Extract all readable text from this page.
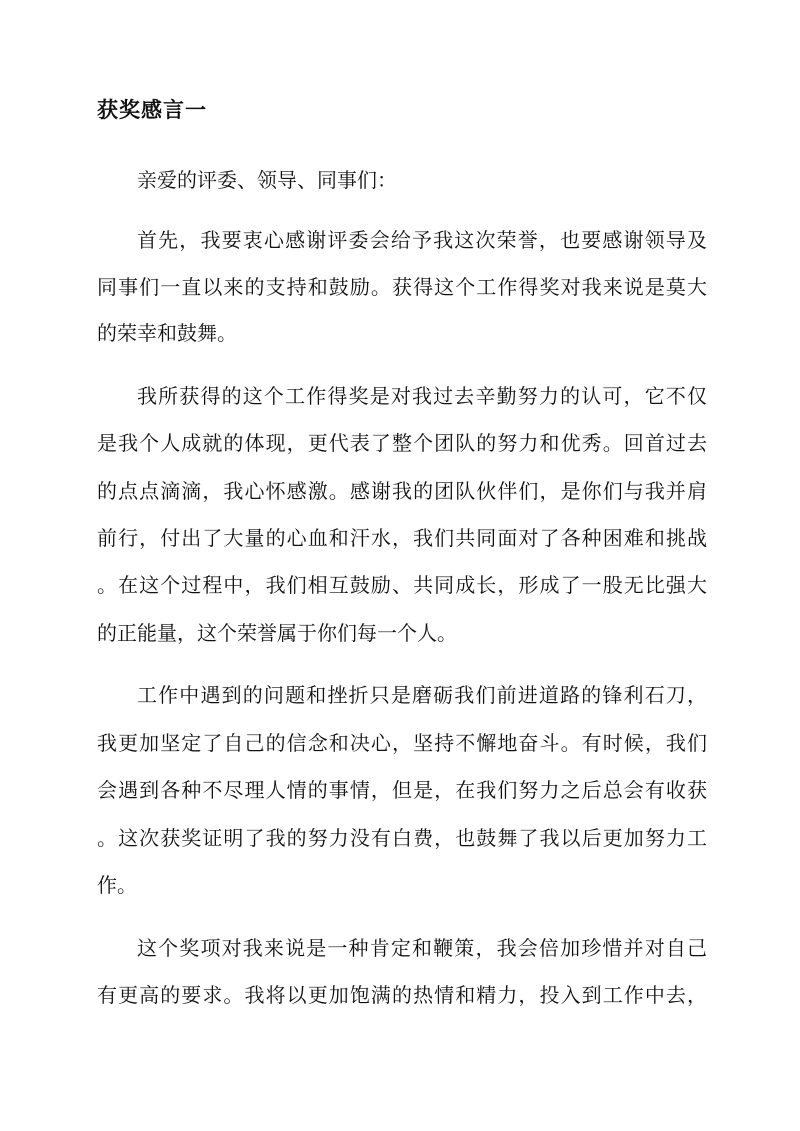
获奖感言一
亲爱的评委、领导、同事们：
首先，我要衷心感谢评委会给予我这次荣誉，也要感谢领导及
同事们一直以来的支持和鼓励。获得这个工作得奖对我来说是莫大
的荣幸和鼓舞。
我所获得的这个工作得奖是对我过去辛勤努力的认可，它不仅
是我个人成就的体现，更代表了整个团队的努力和优秀。回首过去
的点点滴滴，我心怀感激。感谢我的团队伙伴们，是你们与我并肩
前行，付出了大量的心血和汗水，我们共同面对了各种困难和挑战
。在这个过程中，我们相互鼓励、共同成长，形成了一股无比强大
的正能量，这个荣誉属于你们每一个人。
工作中遇到的问题和挫折只是磨砺我们前进道路的锋利石刀，
我更加坚定了自己的信念和决心，坚持不懈地奋斗。有时候，我们
会遇到各种不尽理人情的事情，但是，在我们努力之后总会有收获
。这次获奖证明了我的努力没有白费，也鼓舞了我以后更加努力工
作。
这个奖项对我来说是一种肯定和鞭策，我会倍加珍惜并对自己
有更高的要求。我将以更加饱满的热情和精力，投入到工作中去，
